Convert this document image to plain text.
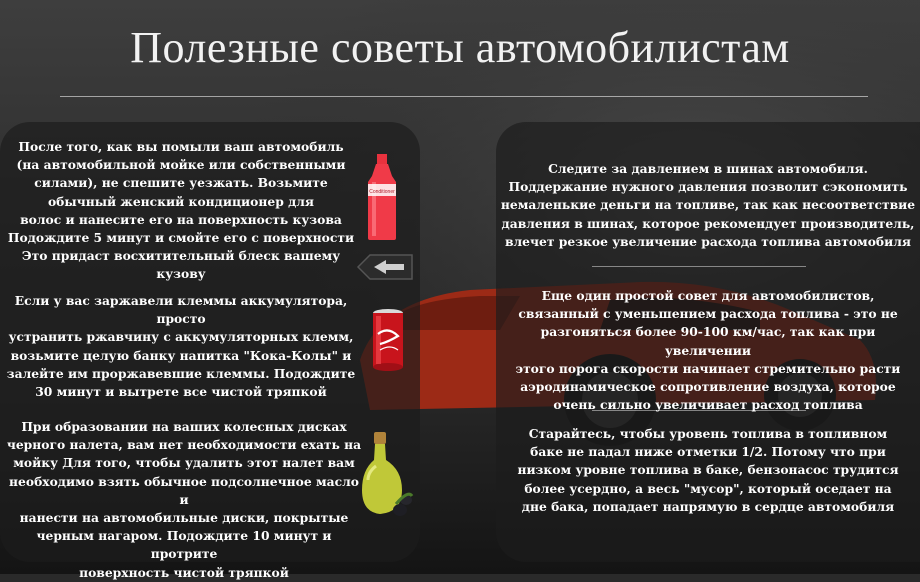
Полезные советы автомобилистам
После того, как вы помыли ваш автомобиль
(на автомобильной мойке или собственными
силами), не спешите уезжать. Возьмите
обычный женский кондиционер для
волос и нанесите его на поверхность кузова
Подождите 5 минут и смойте его с поверхности
Это придаст восхитительный блеск вашему кузову
Если у вас заржавели клеммы аккумулятора, просто
устранить ржавчину с аккумуляторных клемм,
возьмите целую банку напитка "Кока-Колы" и
залейте им проржавевшие клеммы. Подождите
30 минут и вытрете все чистой тряпкой
При образовании на ваших колесных дисках
черного налета, вам нет необходимости ехать на
мойку Для того, чтобы удалить этот налет вам
необходимо взять обычное подсолнечное масло и
нанести на автомобильные диски, покрытые
черным нагаром. Подождите 10 минут и протрите
поверхность чистой тряпкой
Следите за давлением в шинах автомобиля.
Поддержание нужного давления позволит сэкономить
немаленькие деньги на топливе, так как несоответствие
давления в шинах, которое рекомендует производитель,
влечет резкое увеличение расхода топлива автомобиля
Еще один простой совет для автомобилистов,
связанный с уменьшением расхода топлива - это не
разгоняться более 90-100 км/час, так как при увеличении
этого порога скорости начинает стремительно расти
аэродинамическое сопротивление воздуха, которое
очень сильно увеличивает расход топлива
Старайтесь, чтобы уровень топлива в топливном
баке не падал ниже отметки 1/2. Потому что при
низком уровне топлива в баке, бензонасос трудится
более усердно, а весь "мусор", который оседает на
дне бака, попадает напрямую в сердце автомобиля
Conditioner
